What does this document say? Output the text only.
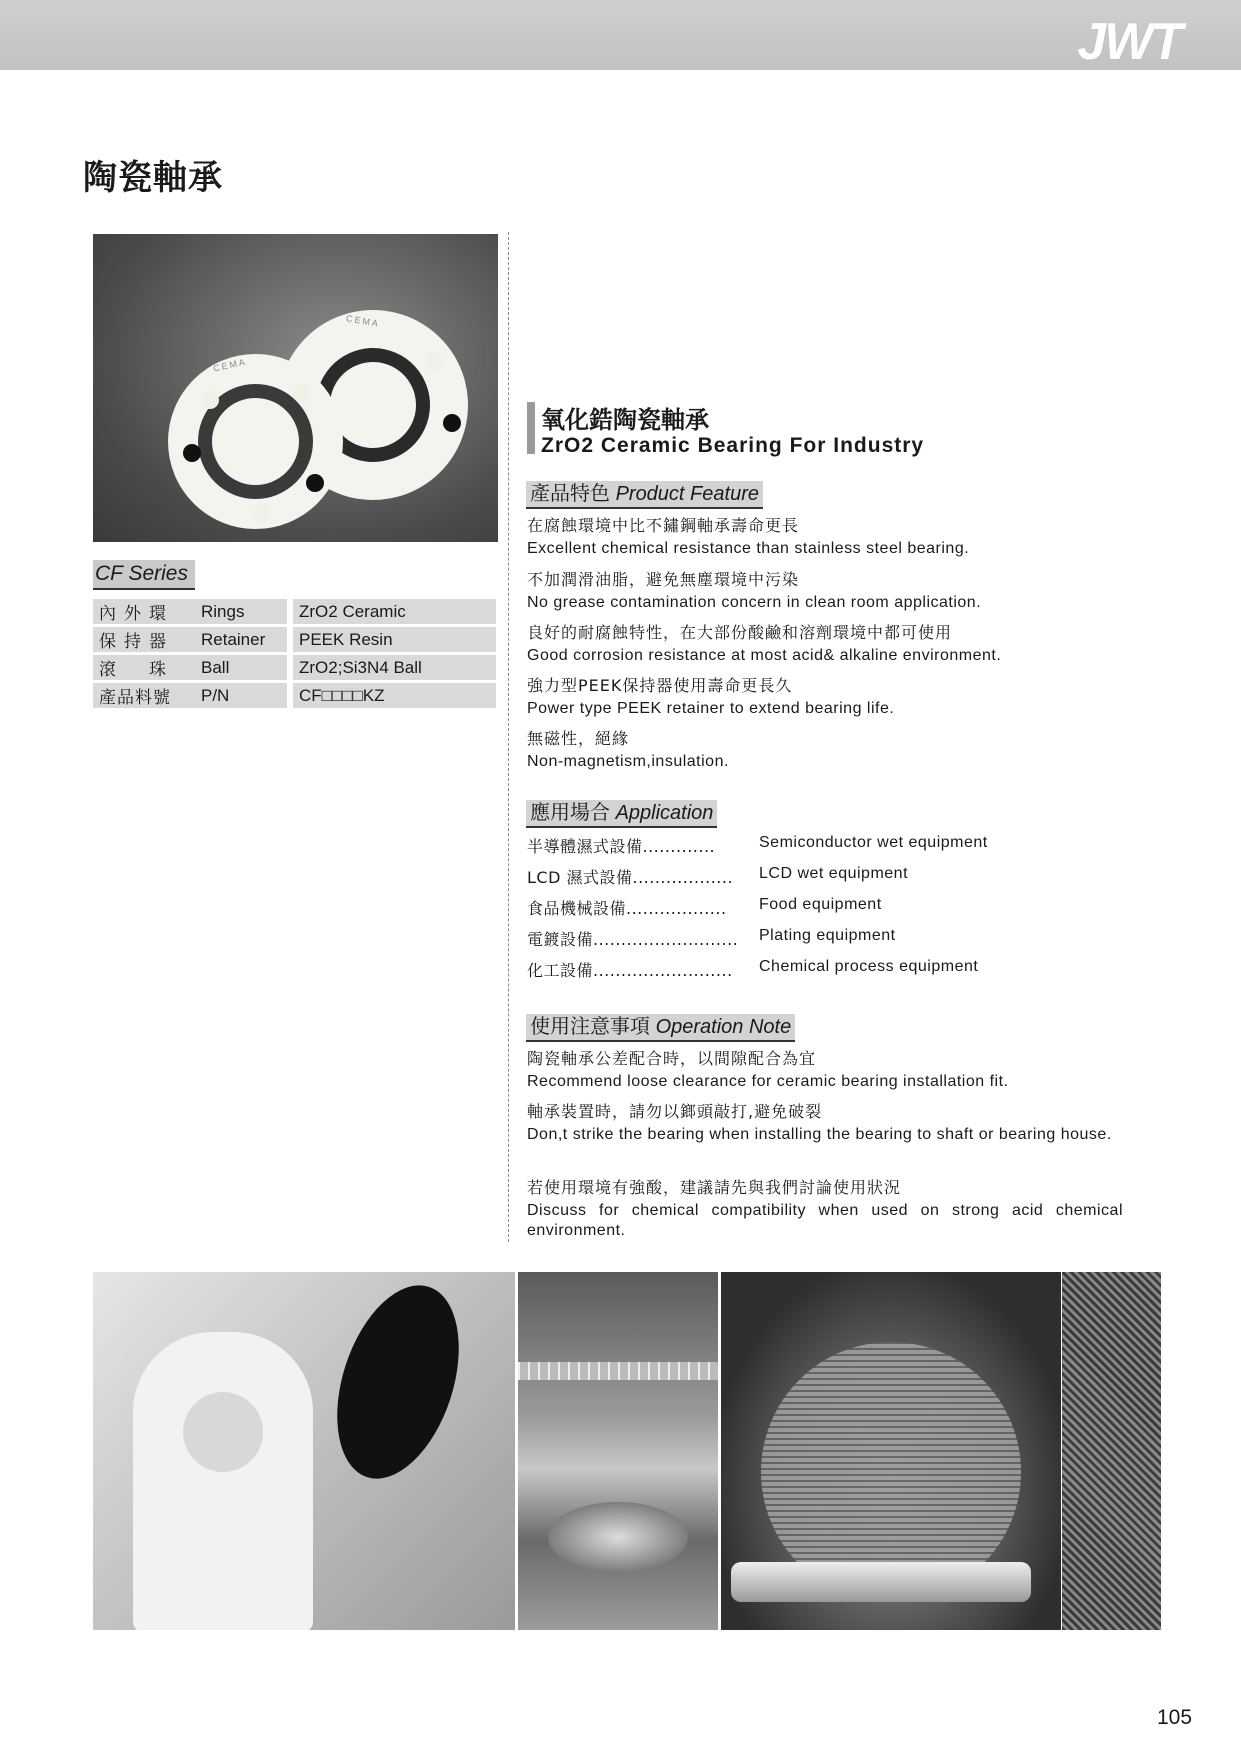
JWT
陶瓷軸承
CEMA
CEMA
CF Series
內外環	Rings		ZrO2 Ceramic
保持器	Retainer		PEEK Resin
滾　珠	Ball		ZrO2;Si3N4 Ball
產品料號	P/N		CF□□□□KZ
氧化鋯陶瓷軸承
ZrO2 Ceramic Bearing For Industry
產品特色 Product Feature
在腐蝕環境中比不鏽鋼軸承壽命更長
Excellent chemical resistance than stainless steel bearing.
不加潤滑油脂，避免無塵環境中污染
No grease contamination concern in clean room application.
良好的耐腐蝕特性，在大部份酸鹼和溶劑環境中都可使用
Good corrosion resistance at most acid& alkaline environment.
強力型PEEK保持器使用壽命更長久
Power type PEEK retainer to extend bearing life.
無磁性，絕緣
Non-magnetism,insulation.
應用場合 Application
半導體濕式設備.............	Semiconductor wet equipment
LCD 濕式設備.................. LCD wet equipment
食品機械設備.................. Food equipment
電鍍設備.......................... Plating equipment
化工設備......................... Chemical process equipment
使用注意事項 Operation Note
陶瓷軸承公差配合時，以間隙配合為宜
Recommend loose clearance for ceramic bearing installation fit.
軸承裝置時，請勿以鎯頭敲打,避免破裂
Don,t strike the bearing when installing the bearing to shaft or bearing house.
若使用環境有強酸，建議請先與我們討論使用狀況
Discuss for chemical compatibility when used on strong acid chemical environment.
105
